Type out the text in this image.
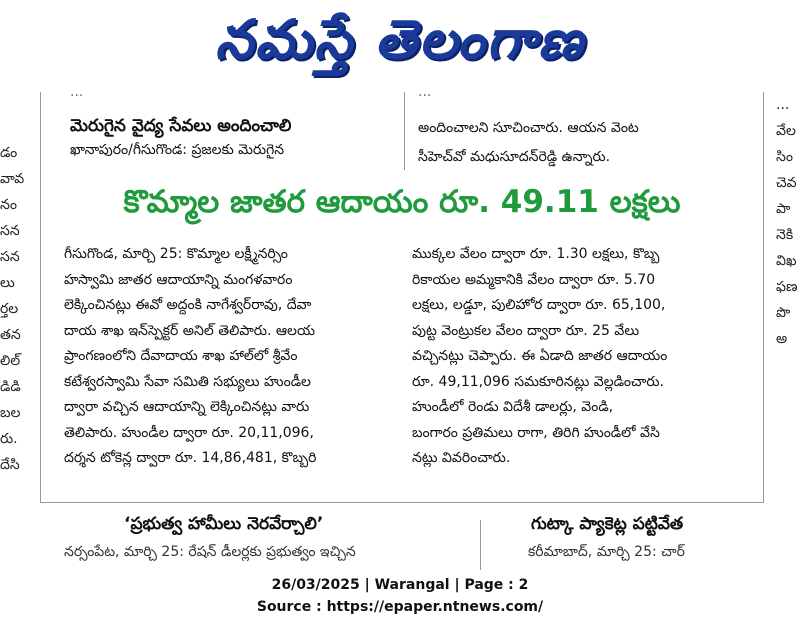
నమస్తే తెలంగాణ
డం
వావ
నం
సన
సన
లు
ర్తల
తన
లిల్
డిడి
బల
రు.
దేసి
...
వేల
సిం
చెవ
పా
నెకి
విఖ
ఫణ
పొ
అ
...	...
మెరుగైన వైద్య సేవలు అందించాలి
ఖానాపురం/గీసుగొండ: ప్రజలకు మెరుగైన
అందించాలని సూచించారు. ఆయన వెంట
సీహెచ్‌వో మధుసూదన్‌రెడ్డి ఉన్నారు.
కొమ్మాల జాతర ఆదాయం రూ. 49.11 లక్షలు
గీసుగొండ, మార్చి 25: కొమ్మాల లక్ష్మీనర్సిం
హస్వామి జాతర ఆదాయాన్ని మంగళవారం
లెక్కించినట్లు ఈవో అద్దంకి నాగేశ్వర్‌రావు, దేవా
దాయ శాఖ ఇన్‌స్పెక్టర్ అనిల్ తెలిపారు. ఆలయ
ప్రాంగణంలోని దేవాదాయ శాఖ హాల్‌లో శ్రీవేం
కటేశ్వరస్వామి సేవా సమితి సభ్యులు హుండీల
ద్వారా వచ్చిన ఆదాయాన్ని లెక్కించినట్లు వారు
తెలిపారు. హుండీల ద్వారా రూ. 20,11,096,
దర్శన టోకెన్ల ద్వారా రూ. 14,86,481, కొబ్బరి
ముక్కల వేలం ద్వారా రూ. 1.30 లక్షలు, కొబ్బ
రికాయల అమ్మకానికి వేలం ద్వారా రూ. 5.70
లక్షలు, లడ్డూ, పులిహోర ద్వారా రూ. 65,100,
పుట్ట వెంట్రుకల వేలం ద్వారా రూ. 25 వేలు
వచ్చినట్లు చెప్పారు. ఈ ఏడాది జాతర ఆదాయం
రూ. 49,11,096 సమకూరినట్లు వెల్లడించారు.
హుండీలో రెండు విదేశీ డాలర్లు, వెండి,
బంగారం ప్రతిమలు రాగా, తిరిగి హుండీలో వేసి
నట్లు వివరించారు.
‘ప్రభుత్వ హామీలు నెరవేర్చాలి’
నర్సంపేట, మార్చి 25: రేషన్ డీలర్లకు ప్రభుత్వం ఇచ్చిన
గుట్కా ప్యాకెట్ల పట్టివేత
కరీమాబాద్, మార్చి 25: చార్
26/03/2025 | Warangal | Page : 2
Source : https://epaper.ntnews.com/
